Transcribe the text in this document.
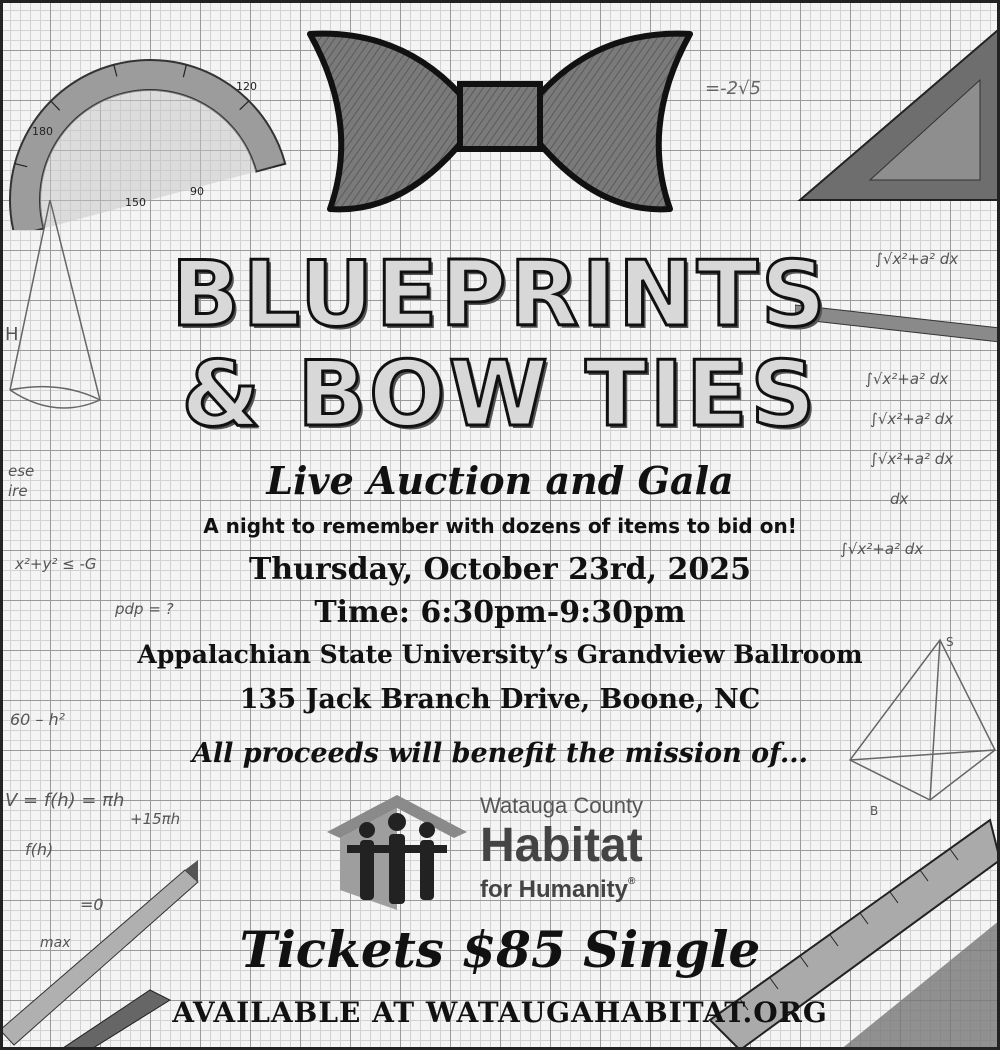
180
150
90
120
H
S
B
=-2√5
∫√x²+a² dx
∫√x²+a² dx
∫√x²+a² dx
∫√x²+a² dx
dx
∫√x²+a² dx
ese
ire
x²+y² ≤ -G
pdp = ?
60 – h²
V = f(h) = πh
+15πh
f(h)
=0
max
BLUEPRINTS
& BOW TIES
Live Auction and Gala
A night to remember with dozens of items to bid on!
Thursday, October 23rd, 2025
Time: 6:30pm-9:30pm
Appalachian State University’s Grandview Ballroom
135 Jack Branch Drive, Boone, NC
All proceeds will benefit the mission of...
Watauga County
Habitat
for Humanity®
Tickets $85 Single
AVAILABLE AT WATAUGAHABITAT.ORG
